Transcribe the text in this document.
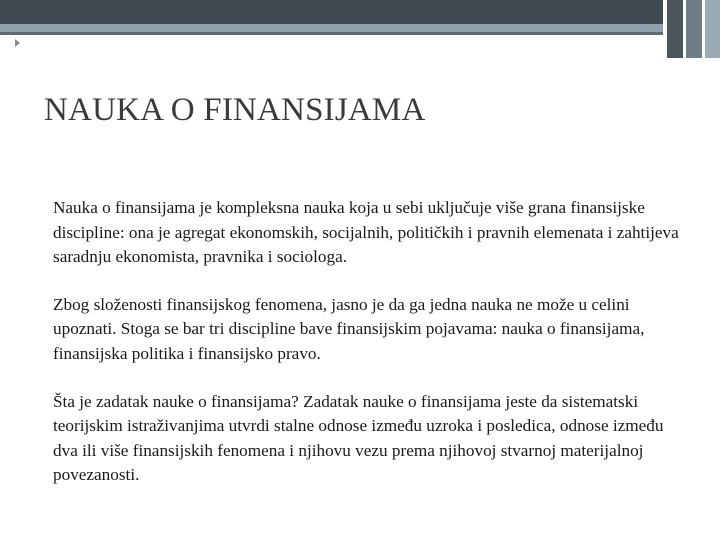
NAUKA O FINANSIJAMA

Nauka o finansijama je kompleksna nauka koja u sebi uključuje više grana finansijske discipline: ona je agregat ekonomskih, socijalnih, političkih i pravnih elemenata i zahtijeva saradnju ekonomista, pravnika i sociologa.

Zbog složenosti finansijskog fenomena, jasno je da ga jedna nauka ne može u celini upoznati. Stoga se bar tri discipline bave finansijskim pojavama: nauka o finansijama, finansijska politika i finansijsko pravo.

Šta je zadatak nauke o finansijama? Zadatak nauke o finansijama jeste da sistematski teorijskim istraživanjima utvrdi stalne odnose između uzroka i posledica, odnose između dva ili više finansijskih fenomena i njihovu vezu prema njihovoj stvarnoj materijalnoj povezanosti.
